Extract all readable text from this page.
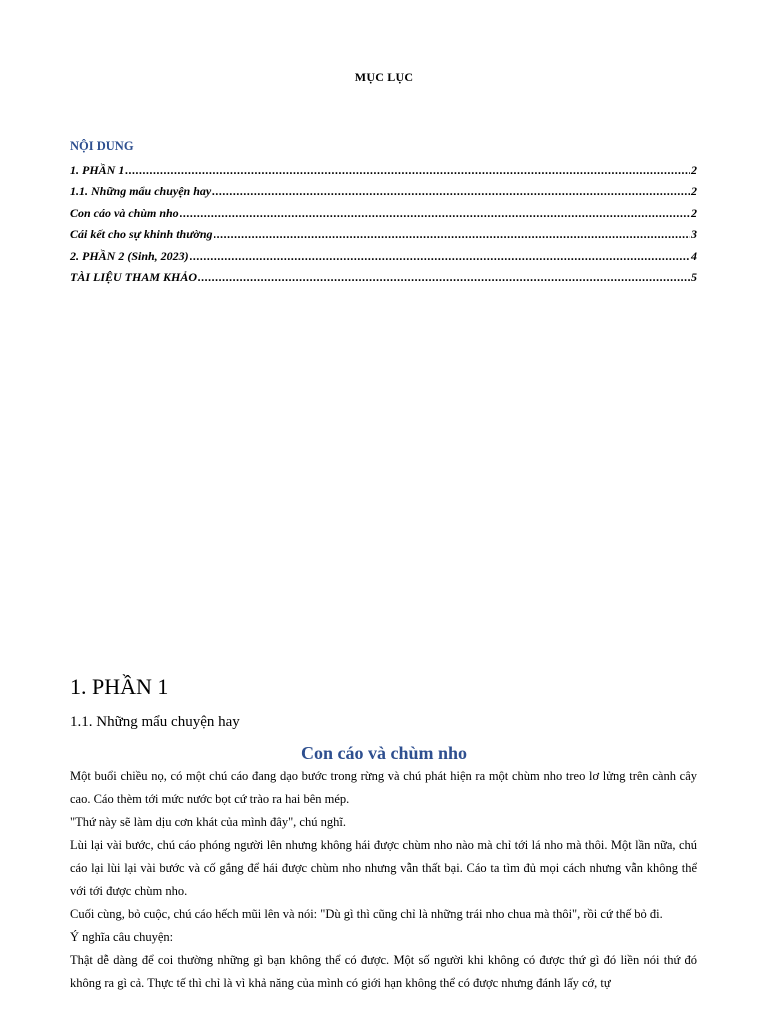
MỤC LỤC
NỘI DUNG
1. PHẦN 1 .....	2
1.1. Những mẩu chuyện hay .....	2
Con cáo và chùm nho .....	2
Cái kết cho sự khinh thường .....	3
2. PHẦN 2 (Sinh, 2023) .....	4
TÀI LIỆU THAM KHẢO .....	5
1. PHẦN 1
1.1. Những mẩu chuyện hay
Con cáo và chùm nho

Một buổi chiều nọ, có một chú cáo đang dạo bước trong rừng và chú phát hiện ra một chùm nho treo lơ lửng trên cành cây cao. Cáo thèm tới mức nước bọt cứ trào ra hai bên mép.

"Thứ này sẽ làm dịu cơn khát của mình đây", chú nghĩ.

Lùi lại vài bước, chú cáo phóng người lên nhưng không hái được chùm nho nào mà chỉ tới lá nho mà thôi. Một lần nữa, chú cáo lại lùi lại vài bước và cố gắng để hái được chùm nho nhưng vẫn thất bại. Cáo ta tìm đủ mọi cách nhưng vẫn không thể với tới được chùm nho.

Cuối cùng, bỏ cuộc, chú cáo hếch mũi lên và nói: "Dù gì thì cũng chỉ là những trái nho chua mà thôi", rồi cứ thế bỏ đi.

Ý nghĩa câu chuyện:

Thật dễ dàng để coi thường những gì bạn không thể có được. Một số người khi không có được thứ gì đó liền nói thứ đó không ra gì cả. Thực tế thì chỉ là vì khả năng của mình có giới hạn không thể có được nhưng đánh lấy cớ, tự
